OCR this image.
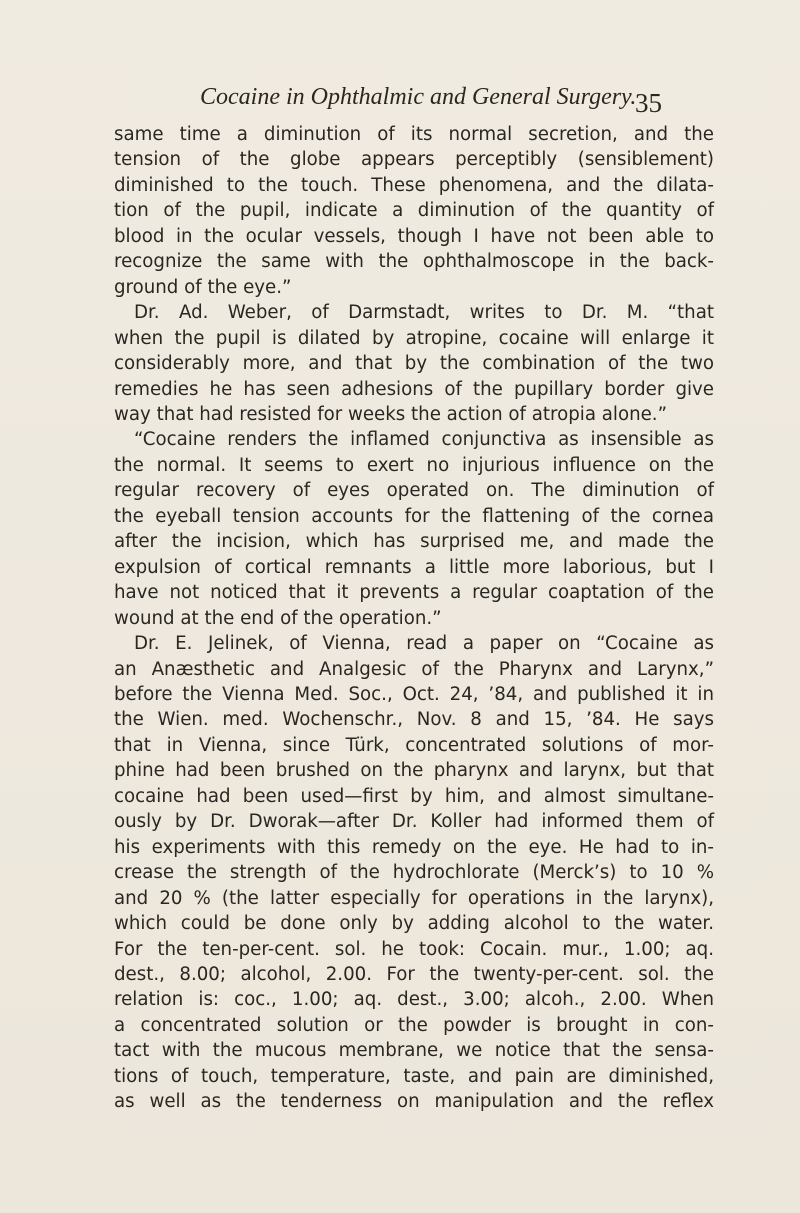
Cocaine in Ophthalmic and General Surgery.
35
same time a diminution of its normal secretion, and the
tension of the globe appears perceptibly (sensiblement)
diminished to the touch. These phenomena, and the dilata-
tion of the pupil, indicate a diminution of the quantity of
blood in the ocular vessels, though I have not been able to
recognize the same with the ophthalmoscope in the back-
ground of the eye.”
Dr. Ad. Weber, of Darmstadt, writes to Dr. M. “that
when the pupil is dilated by atropine, cocaine will enlarge it
considerably more, and that by the combination of the two
remedies he has seen adhesions of the pupillary border give
way that had resisted for weeks the action of atropia alone.”
“Cocaine renders the inflamed conjunctiva as insensible as
the normal. It seems to exert no injurious influence on the
regular recovery of eyes operated on. The diminution of
the eyeball tension accounts for the flattening of the cornea
after the incision, which has surprised me, and made the
expulsion of cortical remnants a little more laborious, but I
have not noticed that it prevents a regular coaptation of the
wound at the end of the operation.”
Dr. E. Jelinek, of Vienna, read a paper on “Cocaine as
an Anæsthetic and Analgesic of the Pharynx and Larynx,”
before the Vienna Med. Soc., Oct. 24, ’84, and published it in
the Wien. med. Wochenschr., Nov. 8 and 15, ’84. He says
that in Vienna, since Türk, concentrated solutions of mor-
phine had been brushed on the pharynx and larynx, but that
cocaine had been used—first by him, and almost simultane-
ously by Dr. Dworak—after Dr. Koller had informed them of
his experiments with this remedy on the eye. He had to in-
crease the strength of the hydrochlorate (Merck’s) to 10 %
and 20 % (the latter especially for operations in the larynx),
which could be done only by adding alcohol to the water.
For the ten-per-cent. sol. he took: Cocain. mur., 1.00; aq.
dest., 8.00; alcohol, 2.00. For the twenty-per-cent. sol. the
relation is: coc., 1.00; aq. dest., 3.00; alcoh., 2.00. When
a concentrated solution or the powder is brought in con-
tact with the mucous membrane, we notice that the sensa-
tions of touch, temperature, taste, and pain are diminished,
as well as the tenderness on manipulation and the reflex
